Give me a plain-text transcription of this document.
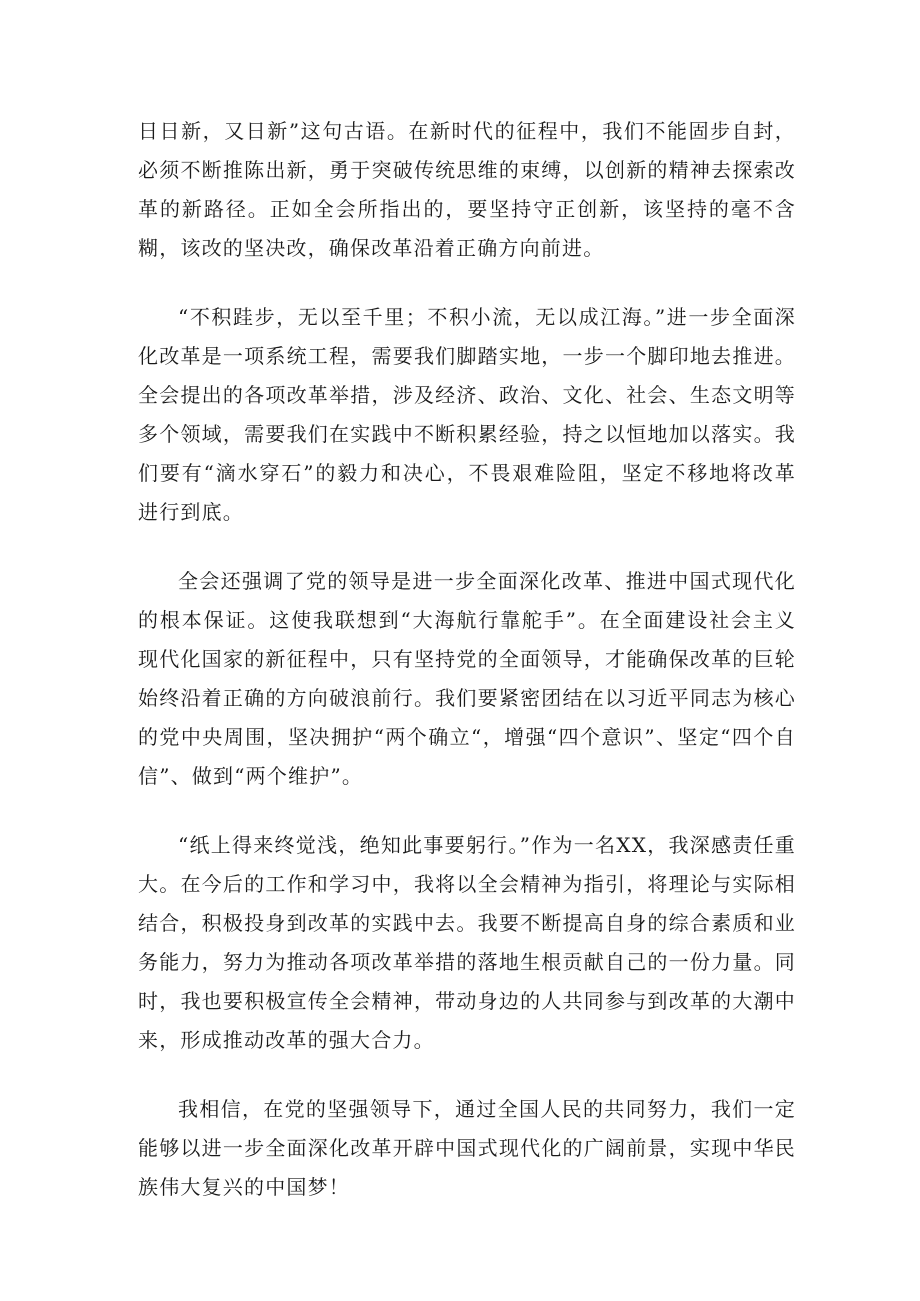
日日新，又日新”这句古语。在新时代的征程中，我们不能固步自封，必须不断推陈出新，勇于突破传统思维的束缚，以创新的精神去探索改革的新路径。正如全会所指出的，要坚持守正创新，该坚持的毫不含糊，该改的坚决改，确保改革沿着正确方向前进。

“不积跬步，无以至千里；不积小流，无以成江海。”进一步全面深化改革是一项系统工程，需要我们脚踏实地，一步一个脚印地去推进。全会提出的各项改革举措，涉及经济、政治、文化、社会、生态文明等多个领域，需要我们在实践中不断积累经验，持之以恒地加以落实。我们要有“滴水穿石”的毅力和决心，不畏艰难险阻，坚定不移地将改革进行到底。

全会还强调了党的领导是进一步全面深化改革、推进中国式现代化的根本保证。这使我联想到“大海航行靠舵手”。在全面建设社会主义现代化国家的新征程中，只有坚持党的全面领导，才能确保改革的巨轮始终沿着正确的方向破浪前行。我们要紧密团结在以习近平同志为核心的党中央周围，坚决拥护“两个确立“，增强“四个意识”、坚定“四个自信”、做到“两个维护”。

“纸上得来终觉浅，绝知此事要躬行。”作为一名XX，我深感责任重大。在今后的工作和学习中，我将以全会精神为指引，将理论与实际相结合，积极投身到改革的实践中去。我要不断提高自身的综合素质和业务能力，努力为推动各项改革举措的落地生根贡献自己的一份力量。同时，我也要积极宣传全会精神，带动身边的人共同参与到改革的大潮中来，形成推动改革的强大合力。

我相信，在党的坚强领导下，通过全国人民的共同努力，我们一定能够以进一步全面深化改革开辟中国式现代化的广阔前景，实现中华民族伟大复兴的中国梦！
